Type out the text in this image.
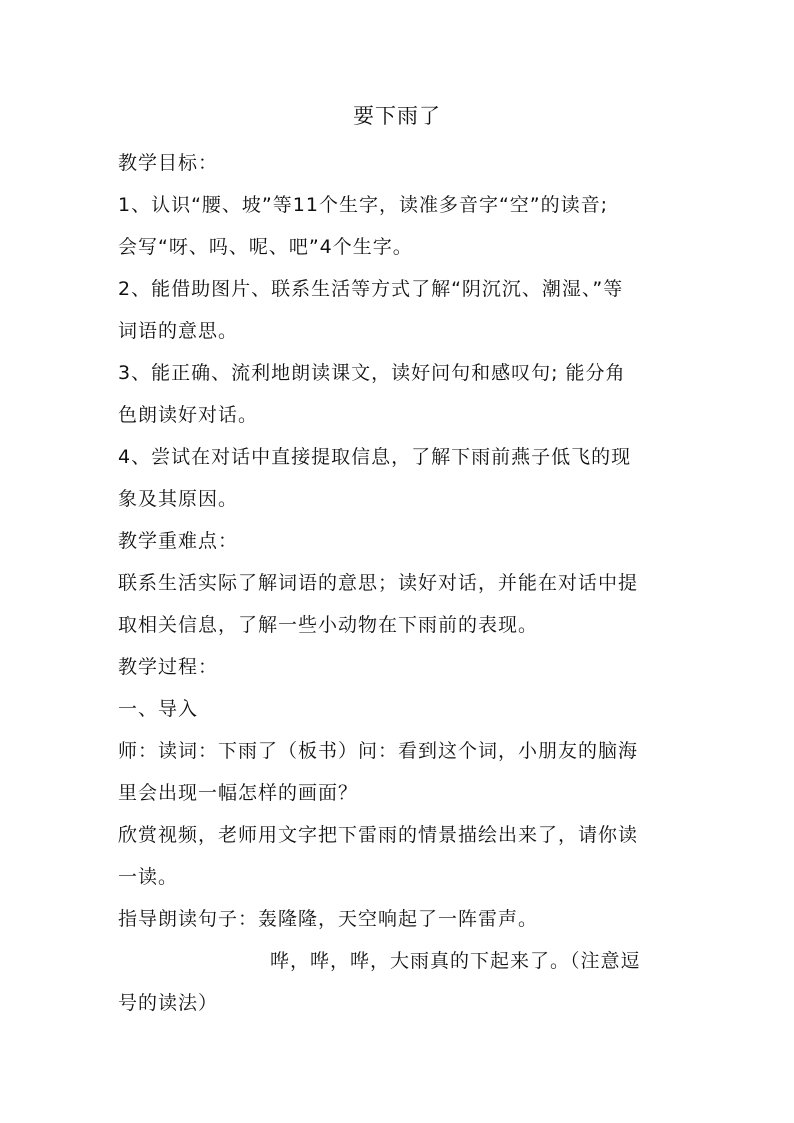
要下雨了
教学目标：
1、认识“腰、坡”等11个生字，读准多音字“空”的读音;
会写“呀、吗、呢、吧”4个生字。
2、能借助图片、联系生活等方式了解“阴沉沉、潮湿、”等
词语的意思。
3、能正确、流利地朗读课文，读好问句和感叹句; 能分角
色朗读好对话。
4、尝试在对话中直接提取信息，了解下雨前燕子低飞的现
象及其原因。
教学重难点：
联系生活实际了解词语的意思；读好对话，并能在对话中提
取相关信息，了解一些小动物在下雨前的表现。
教学过程：
一、导入
师：读词：下雨了（板书）问：看到这个词，小朋友的脑海
里会出现一幅怎样的画面？
欣赏视频，老师用文字把下雷雨的情景描绘出来了，请你读
一读。
指导朗读句子：轰隆隆，天空响起了一阵雷声。
哗，哗，哗，大雨真的下起来了。（注意逗
号的读法）
